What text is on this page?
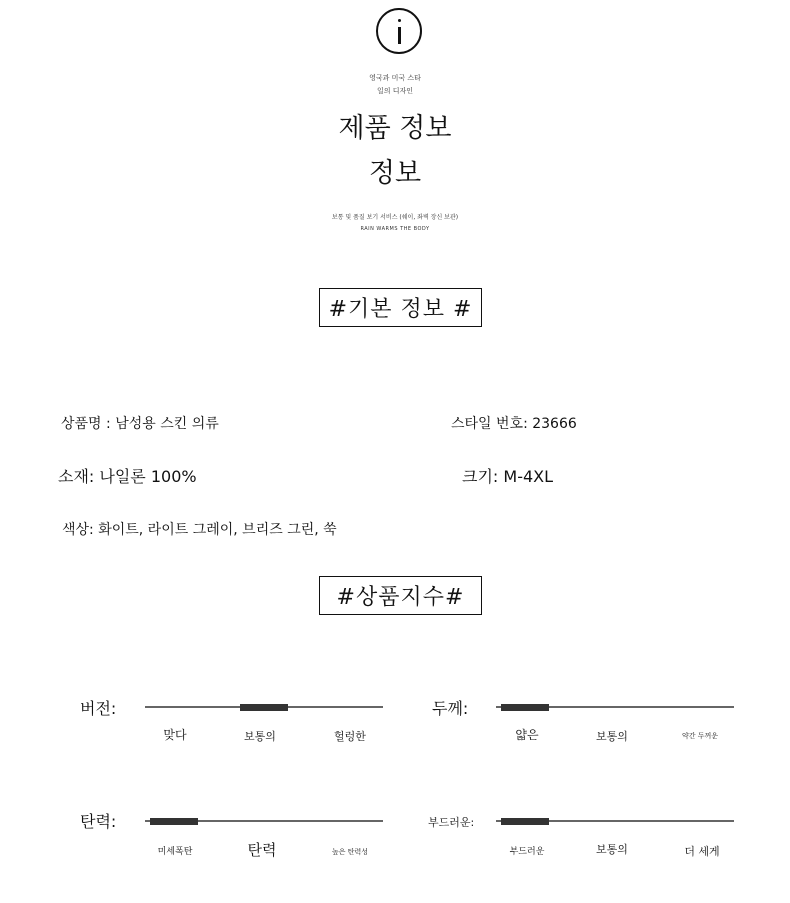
영국과 미국 스타
일의 디자인
제품 정보
정보
보통 및 품질 보기 서비스 (쉐이, 좌벽 장신 보관)
RAIN WARMS THE BODY
#기본 정보 #
상품명 : 남성용 스킨 의류	스타일 번호: 23666
소재: 나일론 100%	크기: M-4XL
색상: 화이트, 라이트 그레이, 브리즈 그린, 쑥
#상품지수#
버전:
맞다	보통의	헐렁한
두께:
얇은	보통의	약간 두꺼운
탄력:
미세폭탄	탄력	높은 탄력성
부드러운:
부드러운	보통의	더 세게
